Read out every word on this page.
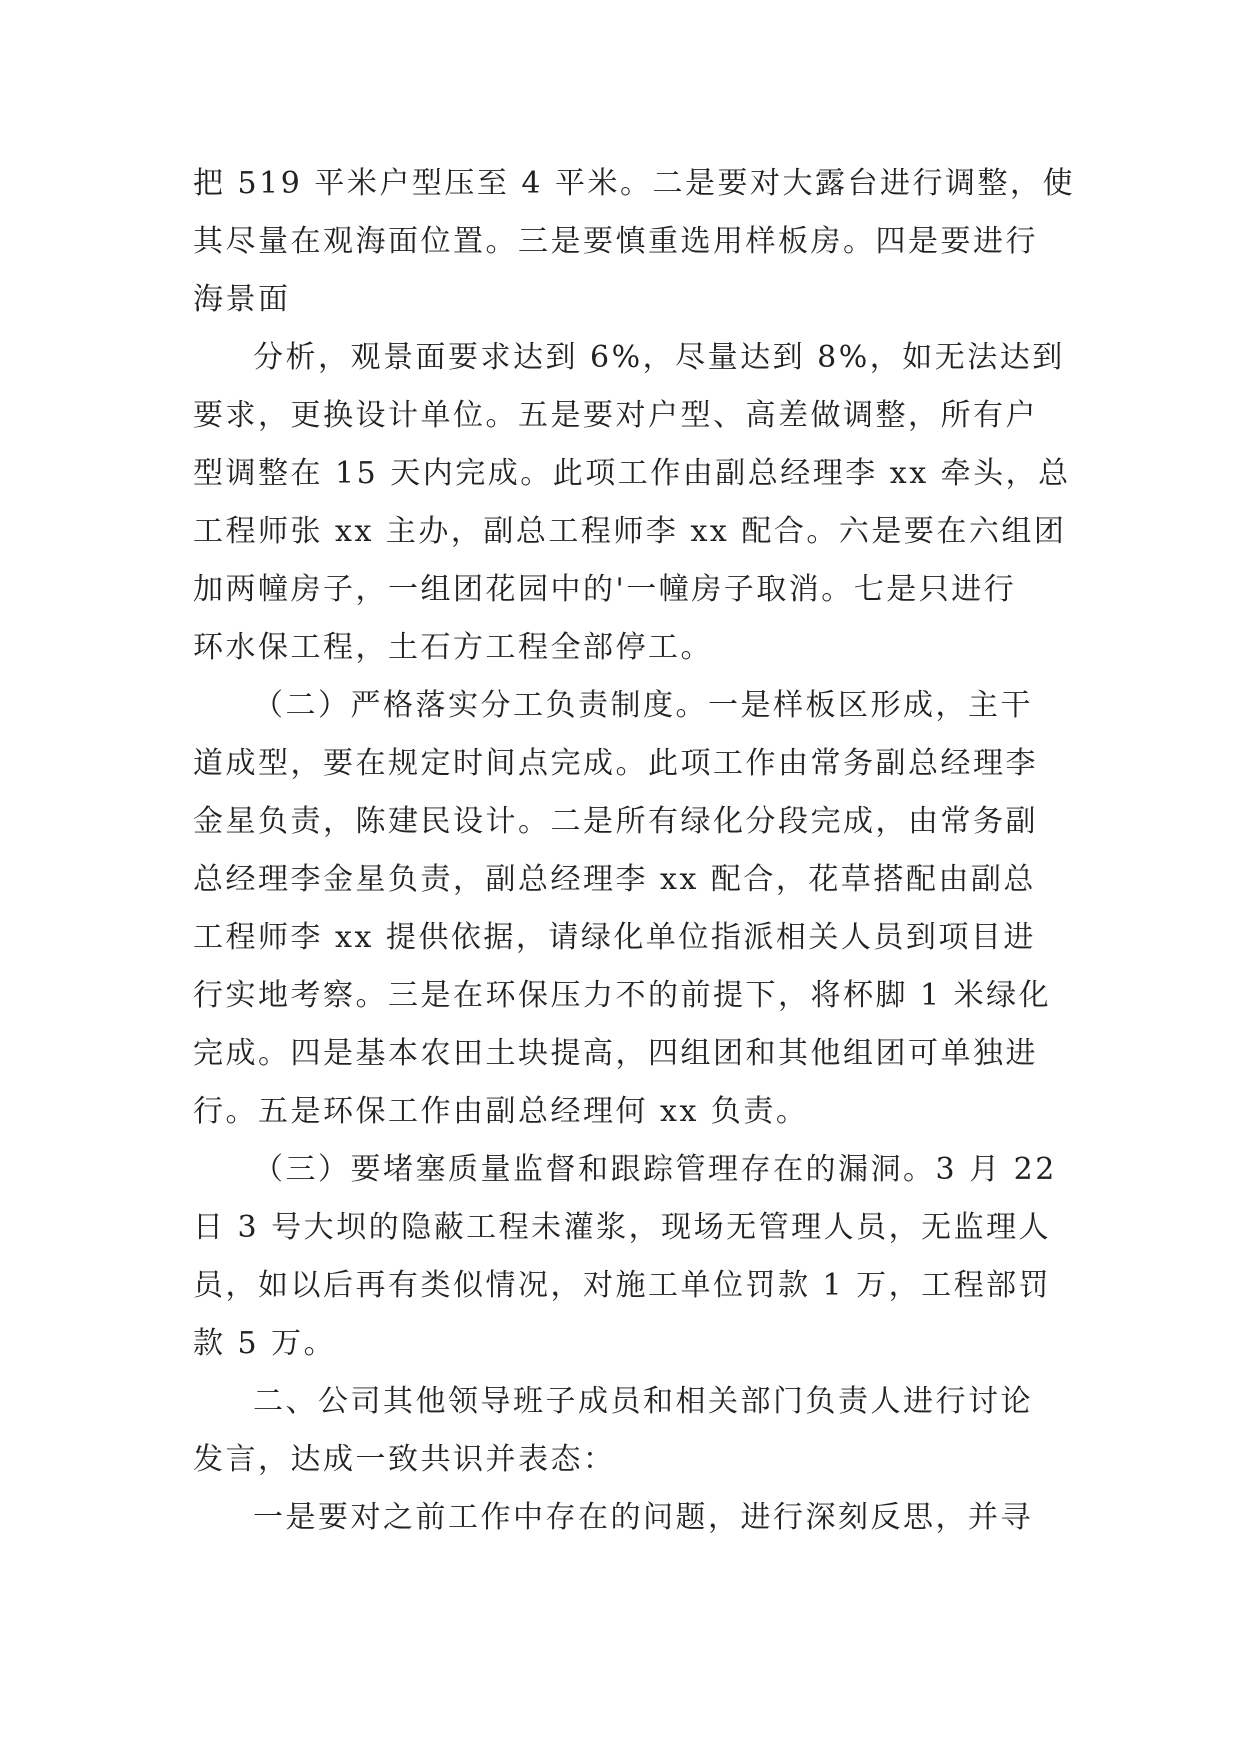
把 519 平米户型压至 4 平米。二是要对大露台进行调整，使
其尽量在观海面位置。三是要慎重选用样板房。四是要进行
海景面
分析，观景面要求达到 6%，尽量达到 8%，如无法达到
要求，更换设计单位。五是要对户型、高差做调整，所有户
型调整在 15 天内完成。此项工作由副总经理李 xx 牵头，总
工程师张 xx 主办，副总工程师李 xx 配合。六是要在六组团
加两幢房子，一组团花园中的'一幢房子取消。七是只进行
环水保工程，土石方工程全部停工。
（二）严格落实分工负责制度。一是样板区形成，主干
道成型，要在规定时间点完成。此项工作由常务副总经理李
金星负责，陈建民设计。二是所有绿化分段完成，由常务副
总经理李金星负责，副总经理李 xx 配合，花草搭配由副总
工程师李 xx 提供依据，请绿化单位指派相关人员到项目进
行实地考察。三是在环保压力不的前提下，将杯脚 1 米绿化
完成。四是基本农田土块提高，四组团和其他组团可单独进
行。五是环保工作由副总经理何 xx 负责。
（三）要堵塞质量监督和跟踪管理存在的漏洞。3 月 22
日 3 号大坝的隐蔽工程未灌浆，现场无管理人员，无监理人
员，如以后再有类似情况，对施工单位罚款 1 万，工程部罚
款 5 万。
二、公司其他领导班子成员和相关部门负责人进行讨论
发言，达成一致共识并表态：
一是要对之前工作中存在的问题，进行深刻反思，并寻
